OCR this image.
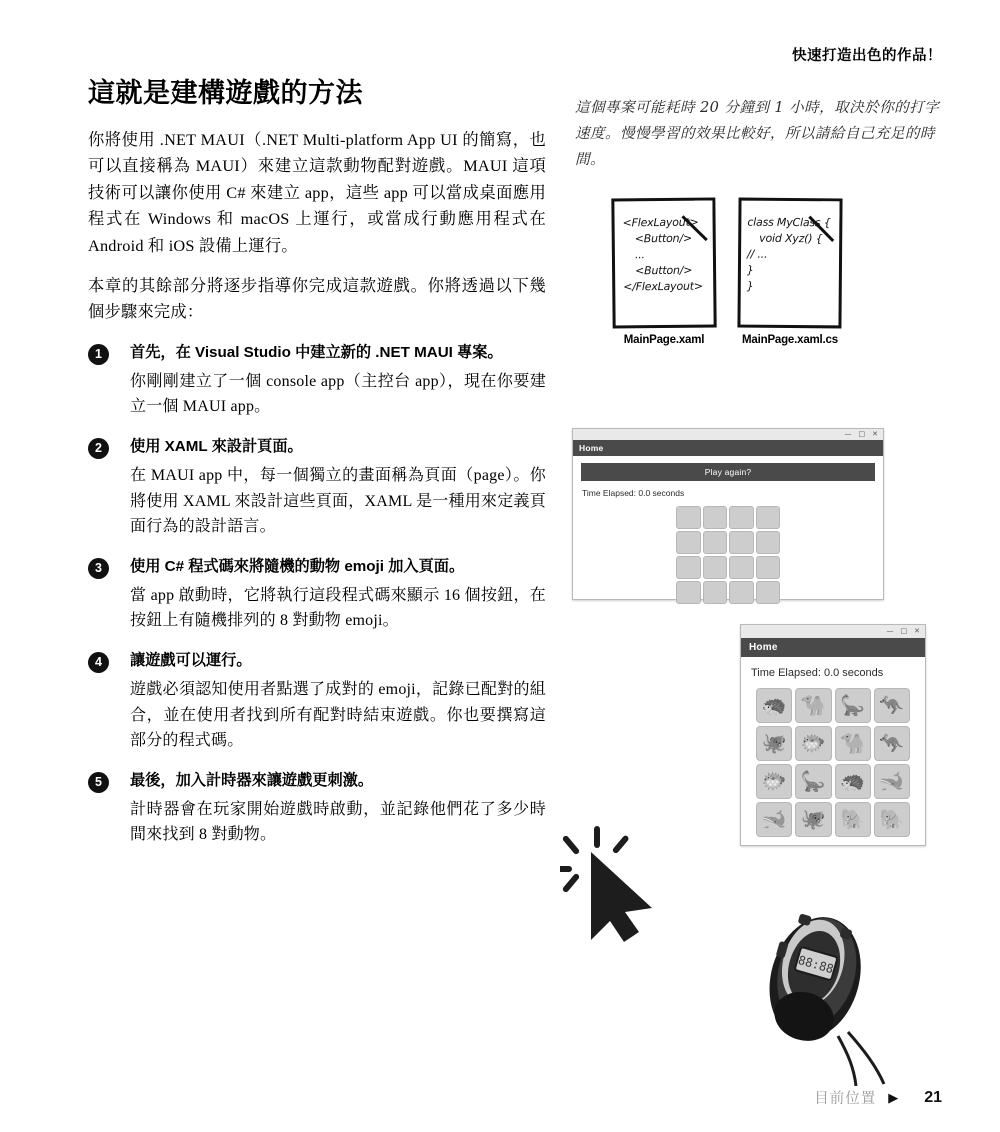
快速打造出色的作品！
這就是建構遊戲的方法

你將使用 .NET MAUI（.NET Multi-platform App UI 的簡寫，也可以直接稱為 MAUI）來建立這款動物配對遊戲。MAUI 這項技術可以讓你使用 C# 來建立 app，這些 app 可以當成桌面應用程式在 Windows 和 macOS 上運行，或當成行動應用程式在 Android 和 iOS 設備上運行。

本章的其餘部分將逐步指導你完成這款遊戲。你將透過以下幾個步驟來完成：

1	首先，在 Visual Studio 中建立新的 .NET MAUI 專案。
你剛剛建立了一個 console app（主控台 app），現在你要建立一個 MAUI app。
2	使用 XAML 來設計頁面。
在 MAUI app 中，每一個獨立的畫面稱為頁面（page）。你將使用 XAML 來設計這些頁面，XAML 是一種用來定義頁面行為的設計語言。
3	使用 C# 程式碼來將隨機的動物 emoji 加入頁面。
當 app 啟動時，它將執行這段程式碼來顯示 16 個按鈕，在按鈕上有隨機排列的 8 對動物 emoji。
4	讓遊戲可以運行。
遊戲必須認知使用者點選了成對的 emoji，記錄已配對的組合，並在使用者找到所有配對時結束遊戲。你也要撰寫這部分的程式碼。
5	最後，加入計時器來讓遊戲更刺激。
計時器會在玩家開始遊戲時啟動，並記錄他們花了多少時間來找到 8 對動物。
這個專案可能耗時 20 分鐘到 1 小時，取決於你的打字速度。慢慢學習的效果比較好，所以請給自己充足的時間。
<FlexLayout>
<Button/>
...
<Button/>
</FlexLayout>
MainPage.xaml
class MyClass {
void Xyz() {
// ...
}
}
MainPage.xaml.cs
— □ ✕
Home
Play again?
Time Elapsed: 0.0 seconds
— □ ✕
Home
Time Elapsed: 0.0 seconds
🦔 🐪 🦕 🦘
🐙 🐡 🐪 🦘
🐡 🦕 🦔 🐋
🐋 🐙 🐘 🐘
88:88
目前位置 ▶ 21
